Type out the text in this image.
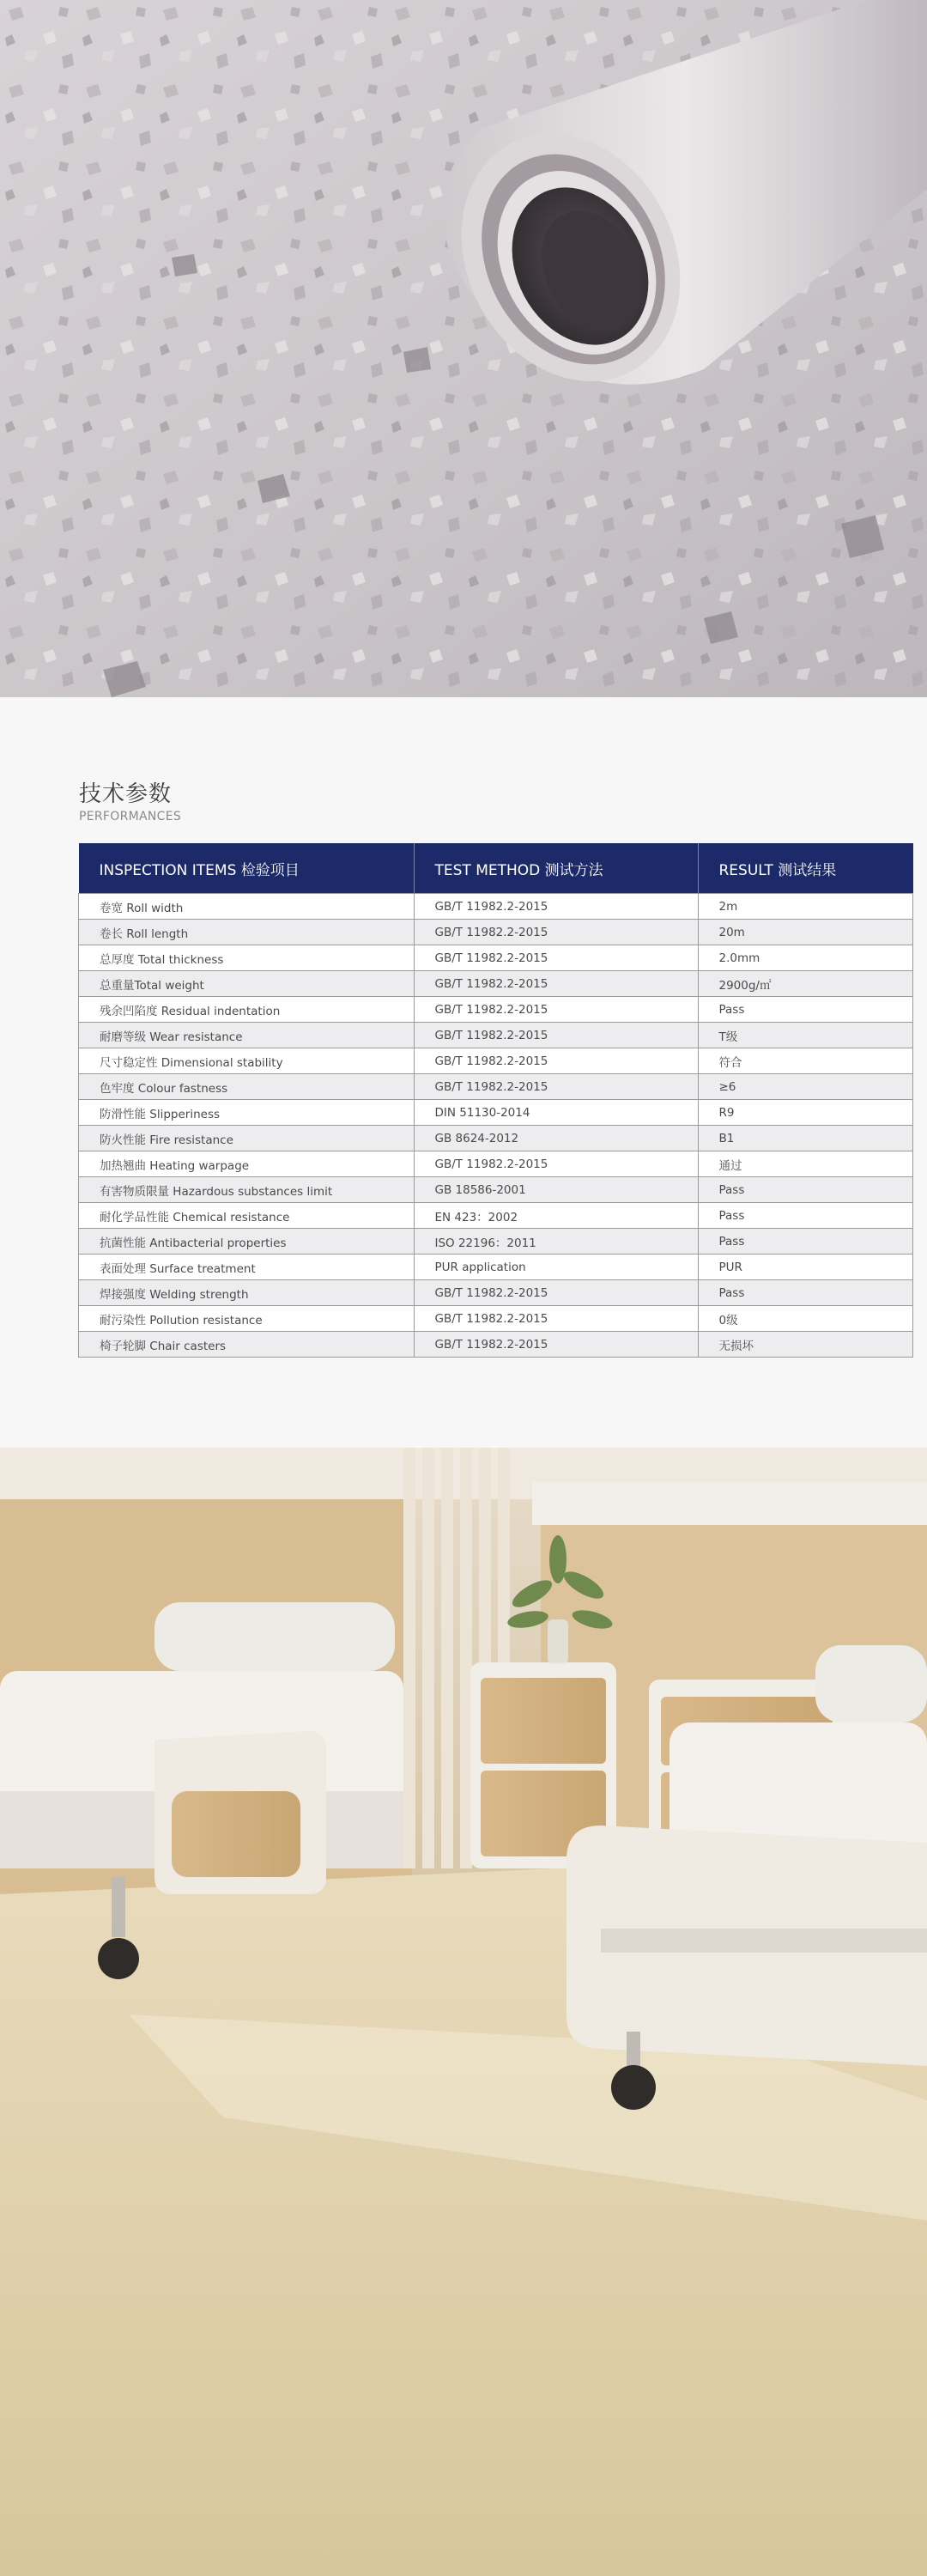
技术参数
PERFORMANCES
INSPECTION ITEMS 检验项目	TEST METHOD 测试方法	RESULT 测试结果
卷宽 Roll width	GB/T 11982.2-2015	2m
卷长 Roll length	GB/T 11982.2-2015	20m
总厚度 Total thickness	GB/T 11982.2-2015	2.0mm
总重量Total weight	GB/T 11982.2-2015	2900g/㎡
残余凹陷度 Residual indentation	GB/T 11982.2-2015	Pass
耐磨等级 Wear resistance	GB/T 11982.2-2015	T级
尺寸稳定性 Dimensional stability	GB/T 11982.2-2015	符合
色牢度 Colour fastness	GB/T 11982.2-2015	≥6
防滑性能 Slipperiness	DIN 51130-2014	R9
防火性能 Fire resistance	GB 8624-2012	B1
加热翘曲 Heating warpage	GB/T 11982.2-2015	通过
有害物质限量 Hazardous substances limit	GB 18586-2001	Pass
耐化学品性能 Chemical resistance	EN 423：2002	Pass
抗菌性能 Antibacterial properties	ISO 22196：2011	Pass
表面处理 Surface treatment	PUR application	PUR
焊接强度 Welding strength	GB/T 11982.2-2015	Pass
耐污染性 Pollution resistance	GB/T 11982.2-2015	0级
椅子轮脚 Chair casters	GB/T 11982.2-2015	无损坏
